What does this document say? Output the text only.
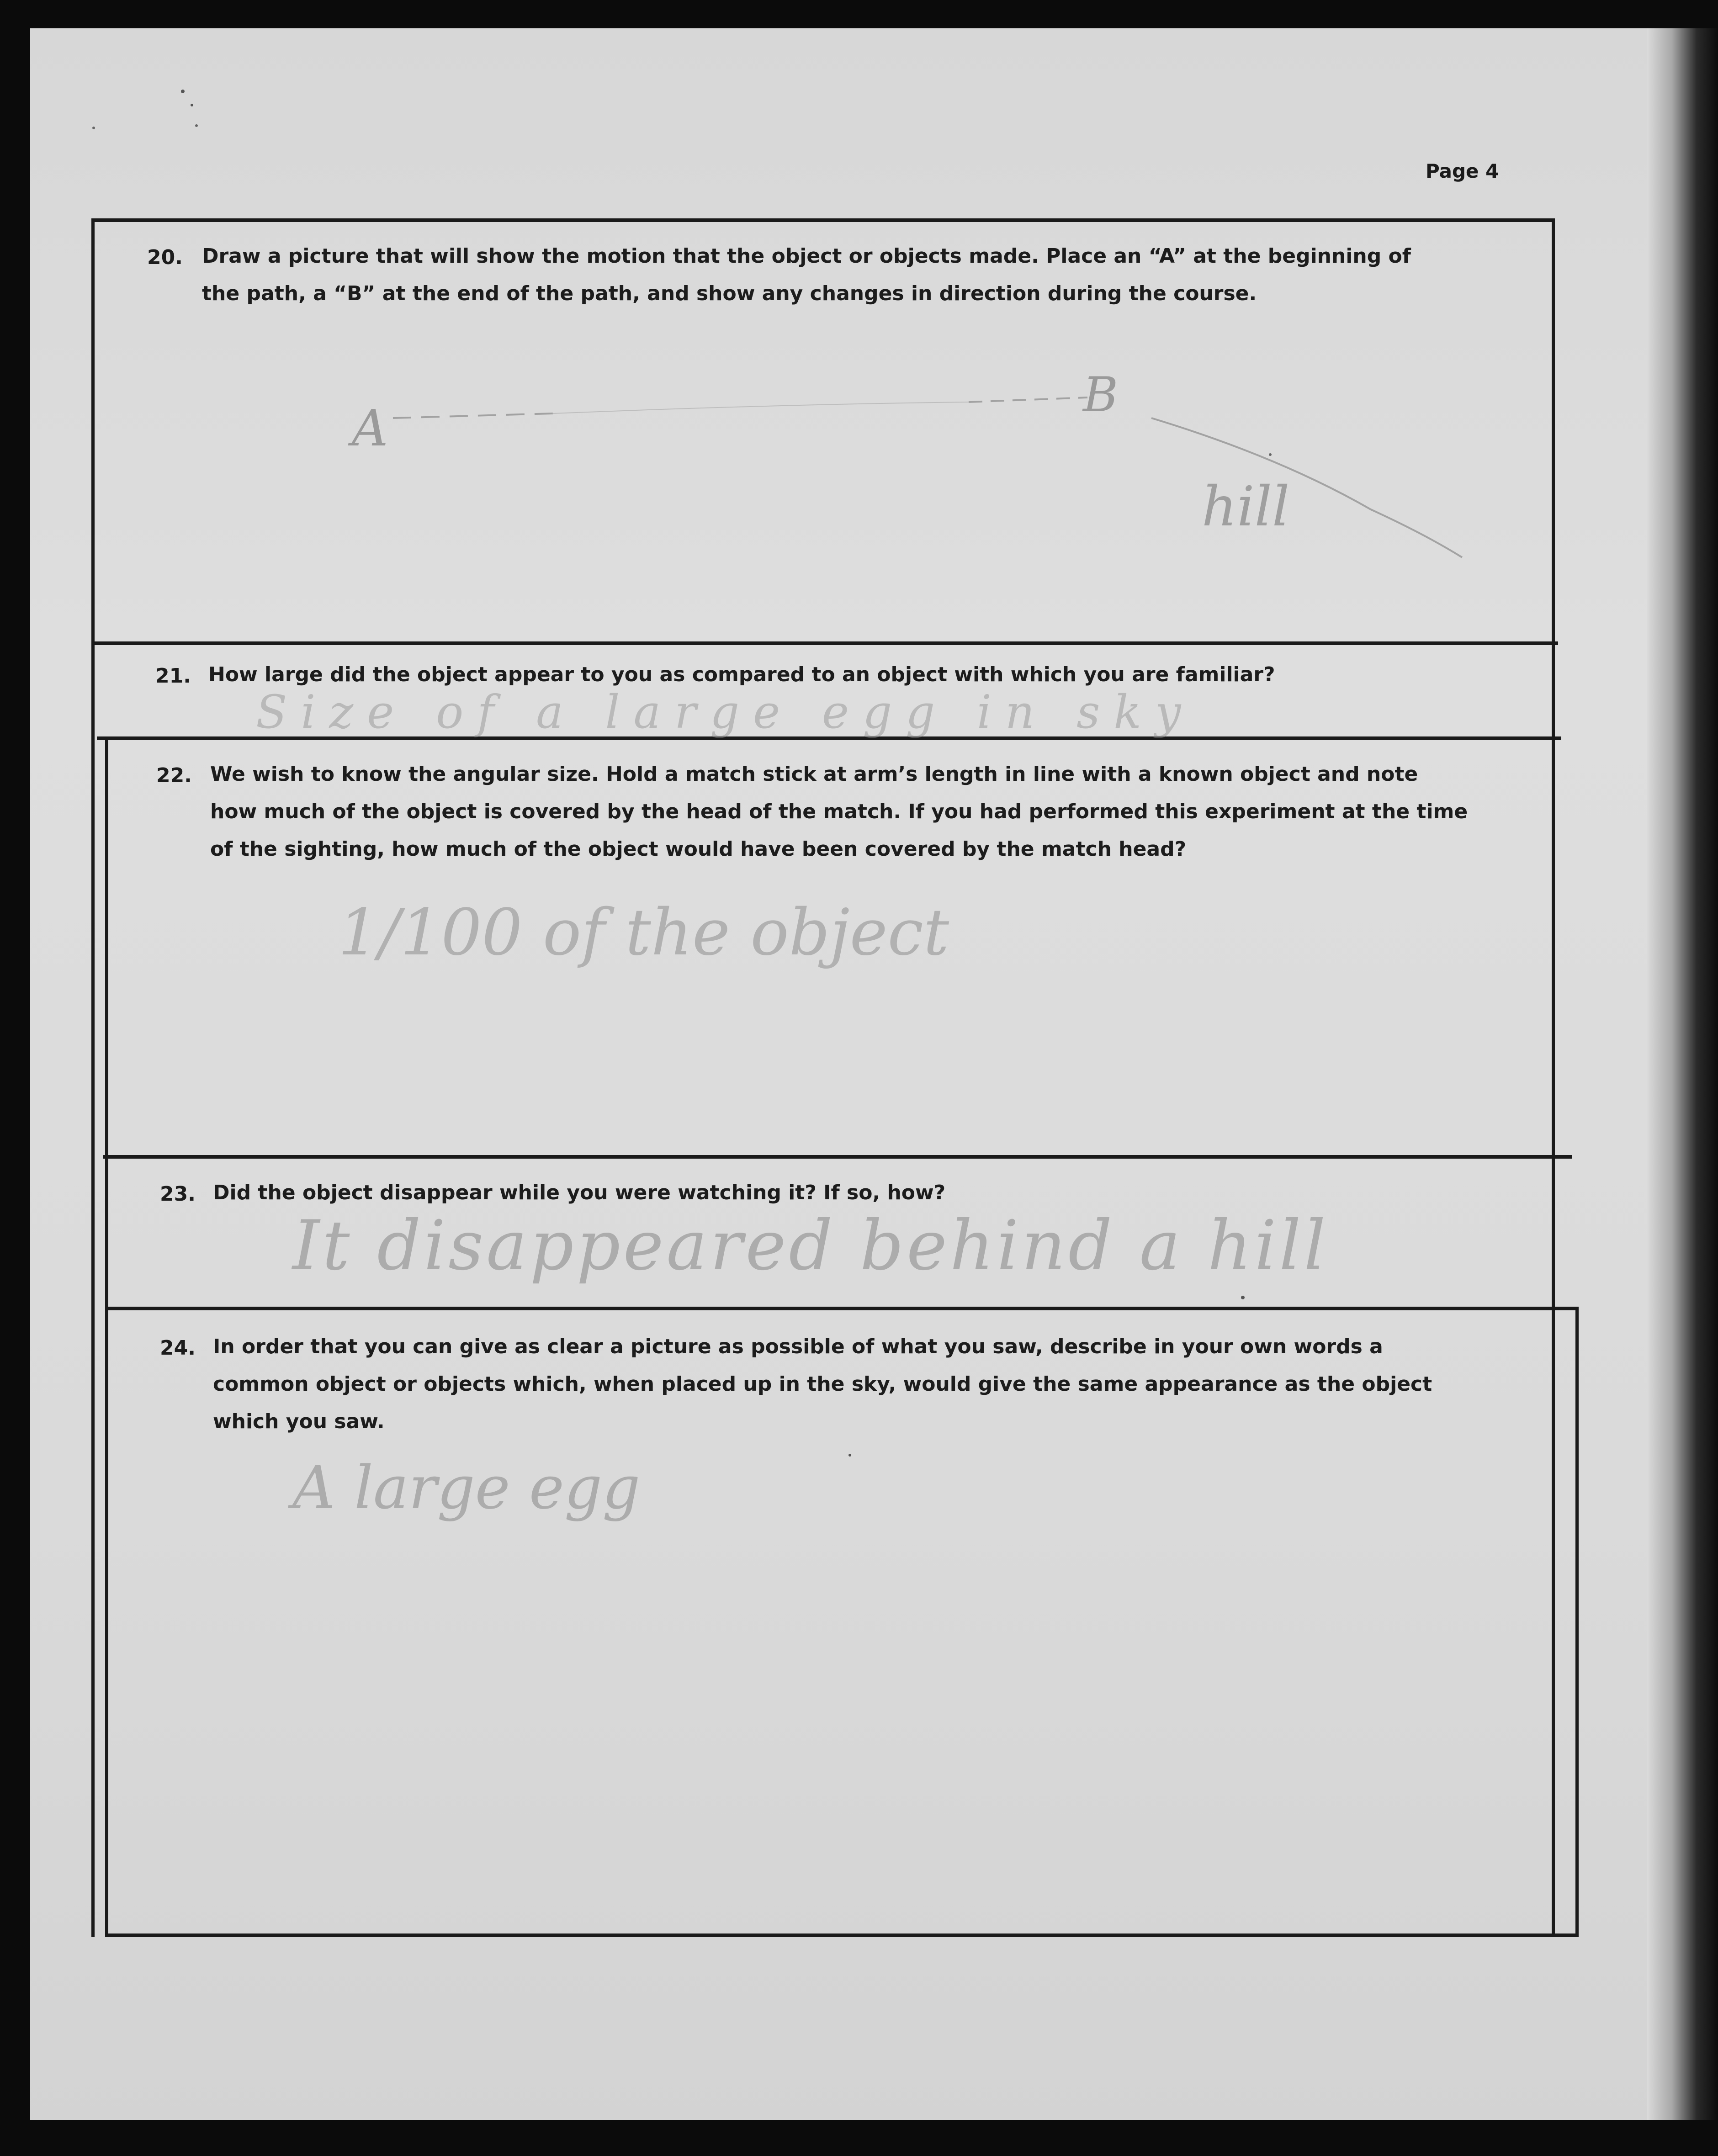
Page 4
20. Draw a picture that will show the motion that the object or objects made. Place an “A” at the beginning of
the path, a “B” at the end of the path, and show any changes in direction during the course.
21. How large did the object appear to you as compared to an object with which you are familiar?
22. We wish to know the angular size. Hold a match stick at arm’s length in line with a known object and note
how much of the object is covered by the head of the match. If you had performed this experiment at the time
of the sighting, how much of the object would have been covered by the match head?
23. Did the object disappear while you were watching it? If so, how?
24. In order that you can give as clear a picture as possible of what you saw, describe in your own words a
common object or objects which, when placed up in the sky, would give the same appearance as the object
which you saw.
A
B
hill
Size of a large egg in sky
1/100 of the object
It disappeared behind a hill
A large egg
